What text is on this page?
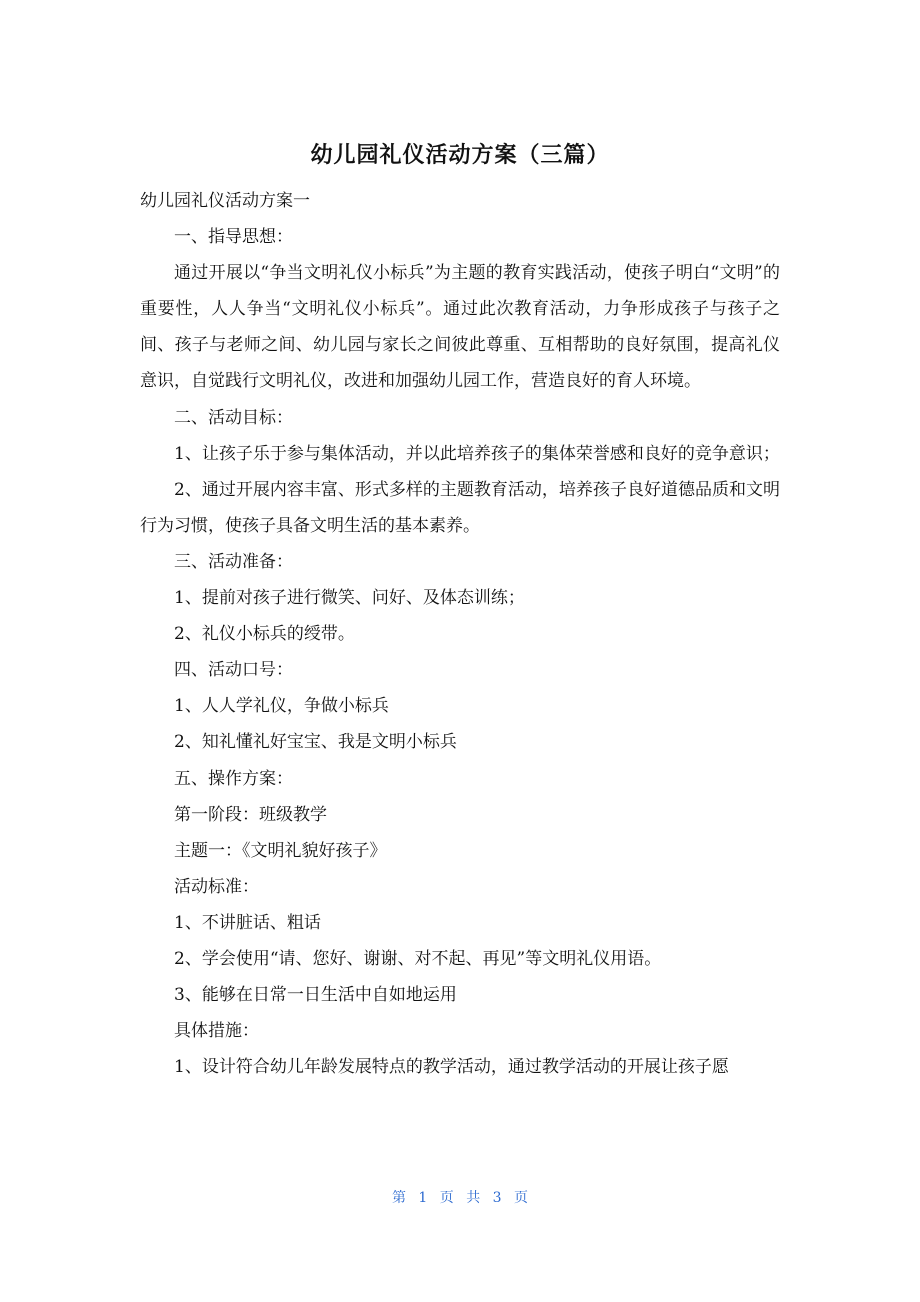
幼儿园礼仪活动方案（三篇）

幼儿园礼仪活动方案一

一、指导思想：

通过开展以“争当文明礼仪小标兵”为主题的教育实践活动，使孩子明白“文明”的重要性，人人争当“文明礼仪小标兵”。通过此次教育活动，力争形成孩子与孩子之间、孩子与老师之间、幼儿园与家长之间彼此尊重、互相帮助的良好氛围，提高礼仪意识，自觉践行文明礼仪，改进和加强幼儿园工作，营造良好的育人环境。

二、活动目标：

1、让孩子乐于参与集体活动，并以此培养孩子的集体荣誉感和良好的竞争意识；

2、通过开展内容丰富、形式多样的主题教育活动，培养孩子良好道德品质和文明行为习惯，使孩子具备文明生活的基本素养。

三、活动准备：

1、提前对孩子进行微笑、问好、及体态训练；

2、礼仪小标兵的绶带。

四、活动口号：

1、人人学礼仪，争做小标兵

2、知礼懂礼好宝宝、我是文明小标兵

五、操作方案：

第一阶段：班级教学

主题一：《文明礼貌好孩子》

活动标准：

1、不讲脏话、粗话

2、学会使用“请、您好、谢谢、对不起、再见”等文明礼仪用语。

3、能够在日常一日生活中自如地运用

具体措施：

1、设计符合幼儿年龄发展特点的教学活动，通过教学活动的开展让孩子愿

第 1 页 共 3 页
